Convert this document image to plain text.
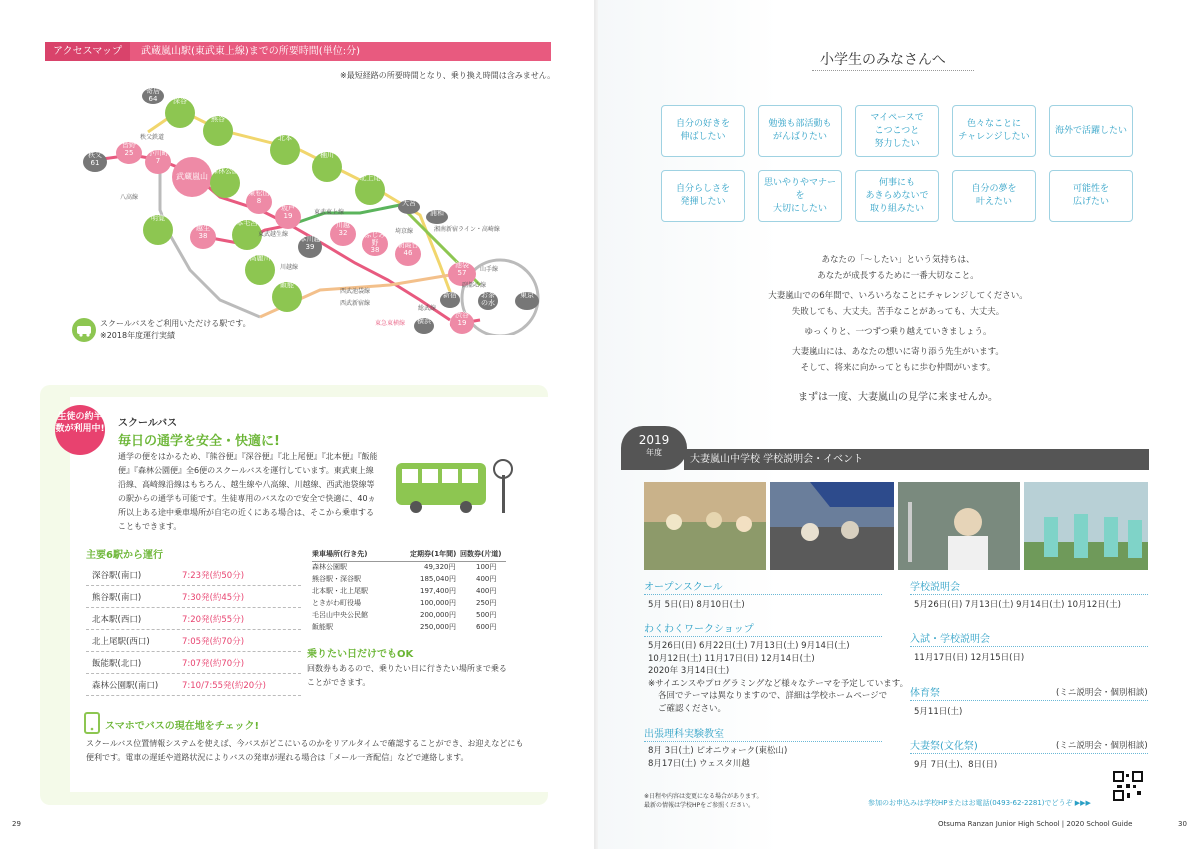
アクセスマップ	武蔵嵐山駅(東武東上線)までの所要時間(単位:分)
※最短経路の所要時間となり、乗り換え時間は含みません。
寄居
64	深谷
熊谷
秩父
61
皆野
25	小川町
7
武蔵嵐山
森林公園
東松山
8
坂戸
19
北本
桶川
北上尾
大宮
浦和
明覚
越生
38
本毛呂	川越
32	ふじみ野
38
朝霞台
46
本川越
39
高麗川
飯能
池袋
57
新宿	お茶の水
東京
横浜
渋谷
19
秩父鉄道
八高線
東武東上線
東武越生線
川越線
埼京線	湘南新宿ライン・高崎線
西武池袋線
西武新宿線
山手線
副都心線
総武線
東急東横線
スクールバスをご利用いただける駅です。
※2018年度運行実績
生徒の約半数が利用中! スクールバス
毎日の通学を安全・快適に!
通学の便をはかるため、『熊谷便』『深谷便』『北上尾便』『北本便』『飯能便』『森林公園便』全6便のスクールバスを運行しています。東武東上線沿線、高崎線沿線はもちろん、越生線や八高線、川越線、西武池袋線等の駅からの通学も可能です。生徒専用のバスなので安全で快適に、40ヵ所以上ある途中乗車場所が自宅の近くにある場合は、そこから乗車することもできます。
主要6駅から運行
深谷駅(南口)	7:23発(約50分)
熊谷駅(南口)	7:30発(約45分)
北本駅(西口)	7:20発(約55分)
北上尾駅(西口)	7:05発(約70分)
飯能駅(北口)	7:07発(約70分)
森林公園駅(南口)	7:10/7:55発(約20分)
乗車場所(行き先)	定期券(1年間) 回数券(片道)
森林公園駅	49,320円	100円
熊谷駅・深谷駅	185,040円	400円
北本駅・北上尾駅	197,400円	400円
ときがわ町役場	100,000円	250円
毛呂山中央公民館	200,000円	500円
飯能駅	250,000円	600円
乗りたい日だけでもOK
回数券もあるので、乗りたい日に行きたい場所まで乗ることができます。
スマホでバスの現在地をチェック!
スクールバス位置情報システムを使えば、今バスがどこにいるのかをリアルタイムで確認することができ、お迎えなどにも便利です。電車の遅延や道路状況によりバスの発車が遅れる場合は「メール一斉配信」などで連絡します。
29
小学生のみなさんへ
自分の好きを
伸ばしたい
勉強も部活動も
がんばりたい
マイペースで
こつこつと
努力したい
色々なことに
チャレンジしたい
海外で活躍したい
自分らしさを
発揮したい
思いやりやマナーを
大切にしたい
何事にも
あきらめないで
取り組みたい
自分の夢を
叶えたい
可能性を
広げたい
あなたの「〜したい」という気持ちは、
あなたが成長するために一番大切なこと。
大妻嵐山での6年間で、いろいろなことにチャレンジしてください。
失敗しても、大丈夫。苦手なことがあっても、大丈夫。
ゆっくりと、一つずつ乗り越えていきましょう。
大妻嵐山には、あなたの想いに寄り添う先生がいます。
そして、将来に向かってともに歩む仲間がいます。
まずは一度、大妻嵐山の見学に来ませんか。
2019
年度
大妻嵐山中学校 学校説明会・イベント
オープンスクール
5月 5日(日) 8月10日(土)
わくわくワークショップ
5月26日(日) 6月22日(土) 7月13日(土) 9月14日(土)
10月12日(土) 11月17日(日) 12月14日(土)
2020年 3月14日(土)
※サイエンスやプログラミングなど様々なテーマを予定しています。
各回でテーマは異なりますので、詳細は学校ホームページで
ご確認ください。
出張理科実験教室
8月 3日(土) ピオニウォーク(東松山)
8月17日(土) ウェスタ川越
学校説明会
5月26日(日) 7月13日(土) 9月14日(土) 10月12日(土)
入試・学校説明会
11月17日(日) 12月15日(日)
体育祭	(ミニ説明会・個別相談)
5月11日(土)
大妻祭(文化祭)	(ミニ説明会・個別相談)
9月 7日(土)、8日(日)
※日程や内容は変更になる場合があります。
最新の情報は学校HPをご参照ください。	参加のお申込みは学校HPまたはお電話(0493-62-2281)でどうぞ ▶▶▶
Otsuma Ranzan Junior High School | 2020 School Guide	30
